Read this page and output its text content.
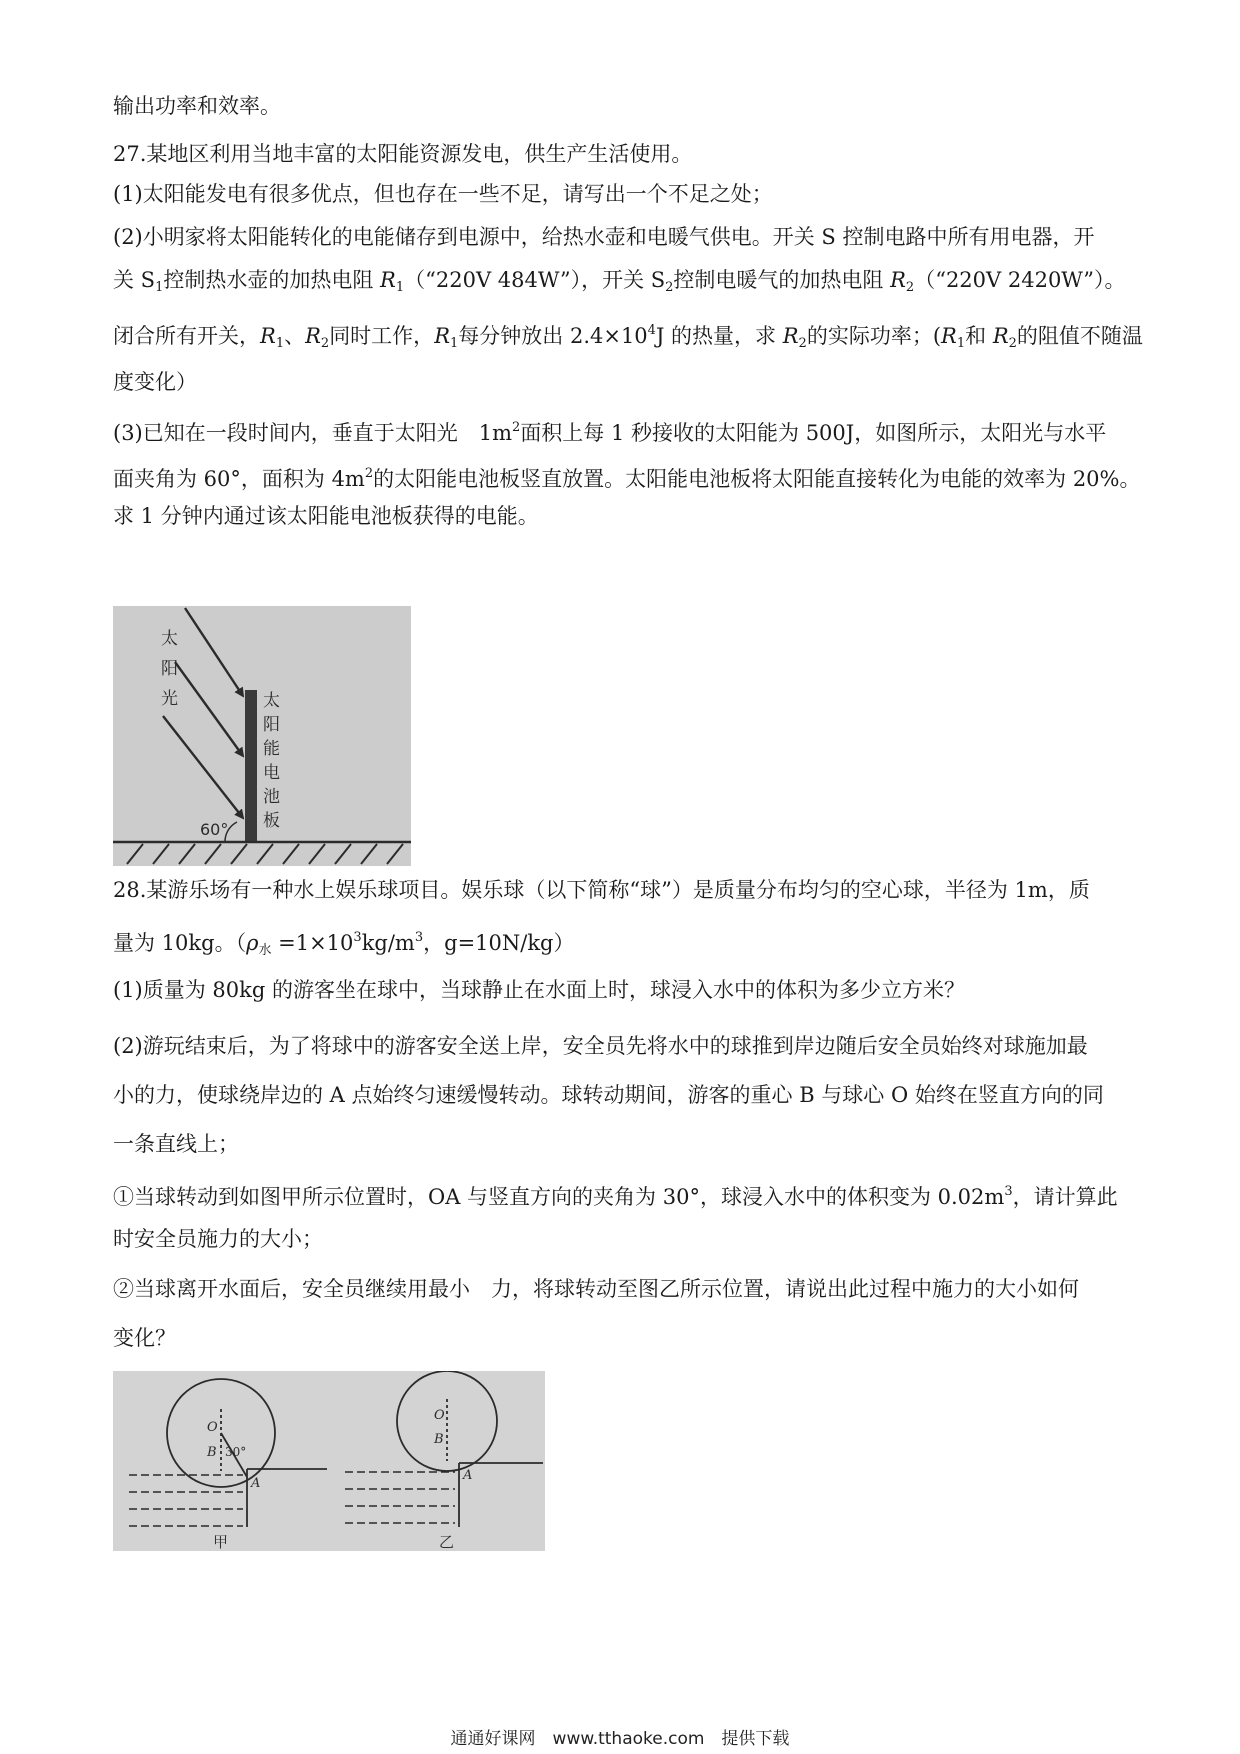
输出功率和效率。
27.某地区利用当地丰富的太阳能资源发电，供生产生活使用。
(1)太阳能发电有很多优点，但也存在一些不足，请写出一个不足之处；
(2)小明家将太阳能转化的电能储存到电源中，给热水壶和电暖气供电。开关 S 控制电路中所有用电器，开
关 $S_1$控制热水壶的加热电阻 $R_1(“220V$ 484W”），开关 $S_2$控制电暖气的加热电阻 $R_2(“220V$ 2420W”）。
闭合所有开关，$R_1$、$R_2$同时工作，$R_1$每分钟放出 $2.4\times 10^4J$ 的热量，求 $R_2$的实际功率；($R_1$和 $R_2$的阻值不随温
度变化）
(3)已知在一段时间内，垂直于太阳光　$1m^2$面积上每 1 秒接收的太阳能为 500J，如图所示，太阳光与水平
面夹角为 60°，面积为 $4m^2$的太阳能电池板竖直放置。太阳能电池板将太阳能直接转化为电能的效率为 20%。
求 1 分钟内通过该太阳能电池板获得的电能。
太
阳
光	太
阳
能
电
池
板
60°
28.某游乐场有一种水上娱乐球项目。娱乐球（以下简称“球”）是质量分布均匀的空心球，半径为 1m，质
量为 10kg。（$\rho_水 =1\times 10^3kg/m^3$，g=10N/kg）
(1)质量为 80kg 的游客坐在球中，当球静止在水面上时，球浸入水中的体积为多少立方米？
(2)游玩结束后，为了将球中的游客安全送上岸，安全员先将水中的球推到岸边随后安全员始终对球施加最
小的力，使球绕岸边的 A 点始终匀速缓慢转动。球转动期间，游客的重心 B 与球心 O 始终在竖直方向的同
一条直线上；
①当球转动到如图甲所示位置时，OA 与竖直方向的夹角为 30°，球浸入水中的体积变为 $0.02m^3$，请计算此
时安全员施力的大小；
②当球离开水面后，安全员继续用最小　力，将球转动至图乙所示位置，请说出此过程中施力的大小如何
变化？
O
B 30°
A
O
B
A
甲	乙
通通好课网　www.tthaoke.com　提供下载
